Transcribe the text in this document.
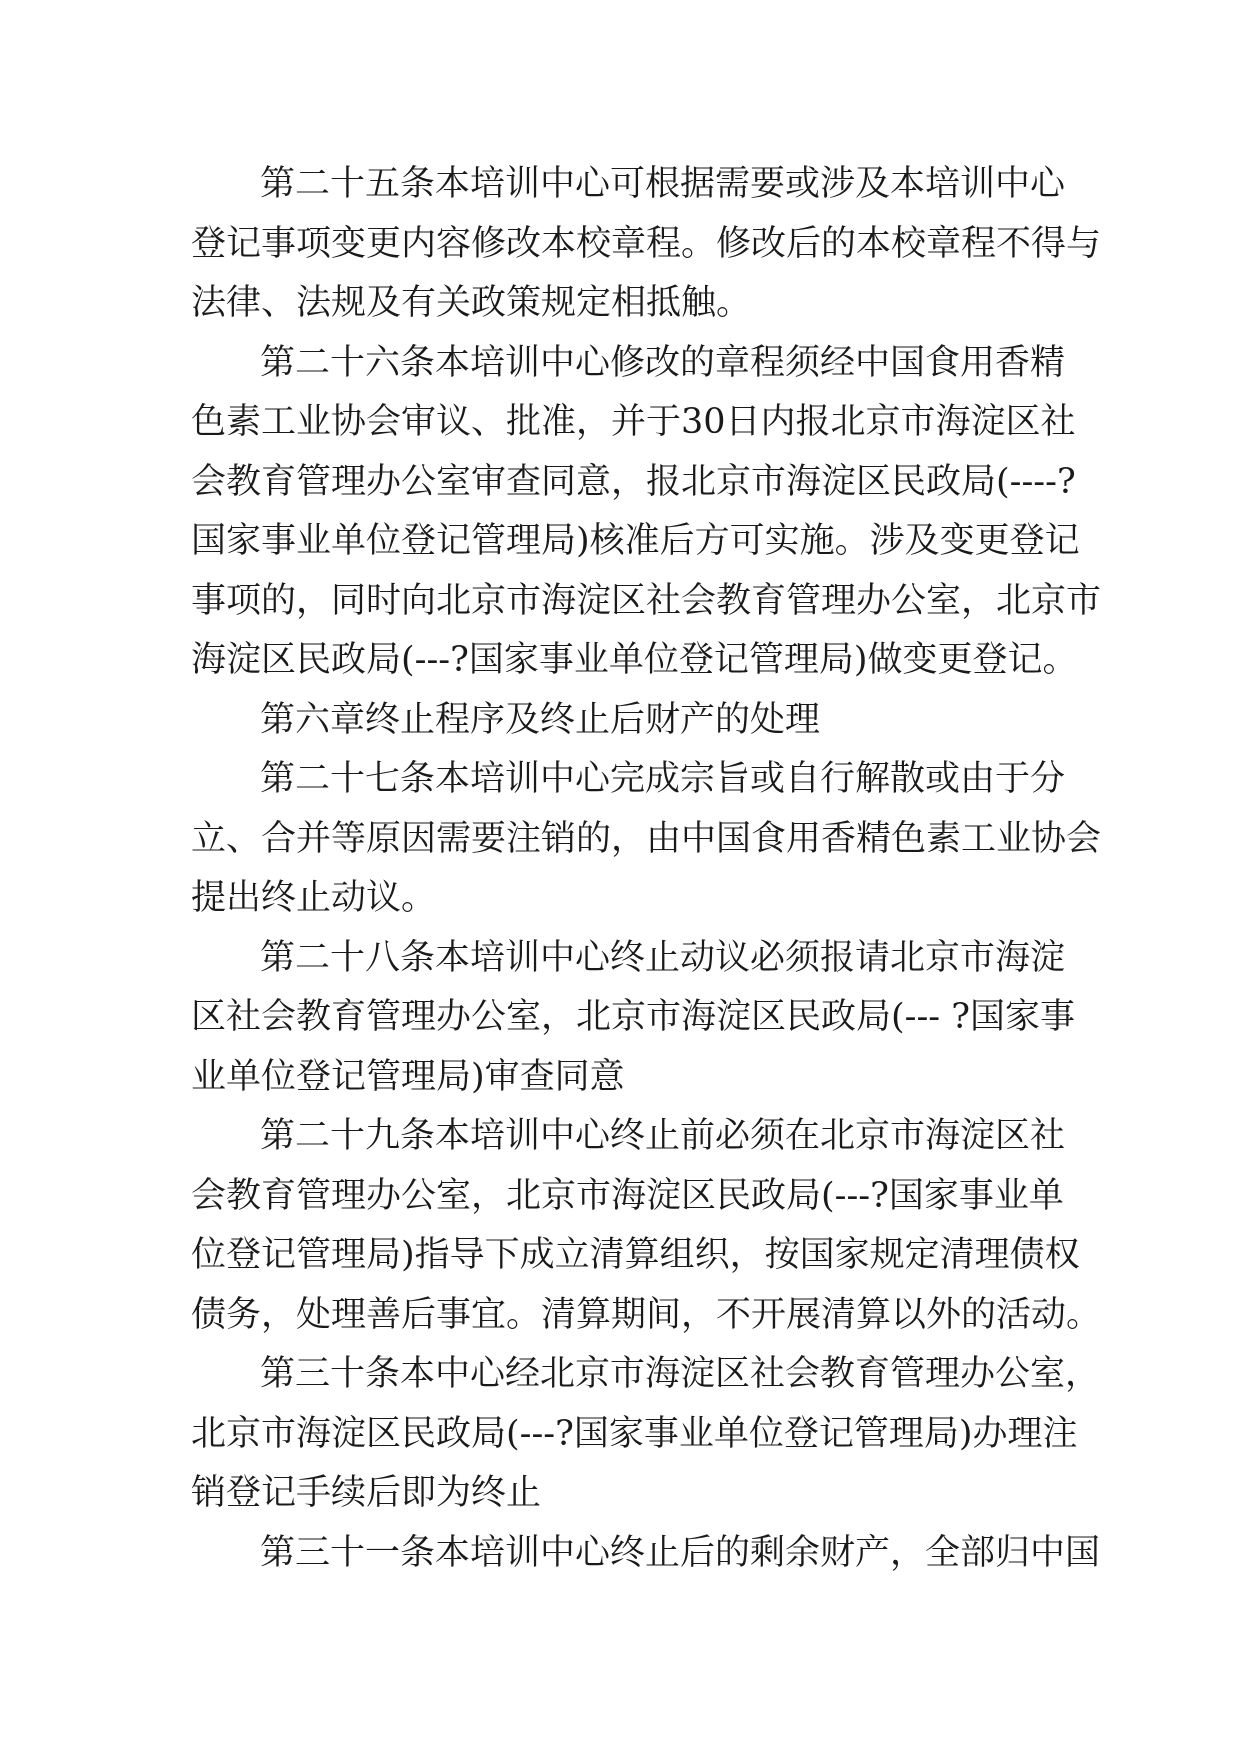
第二十五条本培训中心可根据需要或涉及本培训中心

登记事项变更内容修改本校章程。修改后的本校章程不得与

法律、法规及有关政策规定相抵触。

第二十六条本培训中心修改的章程须经中国食用香精

色素工业协会审议、批准，并于30日内报北京市海淀区社

会教育管理办公室审查同意，报北京市海淀区民政局(----?

国家事业单位登记管理局)核准后方可实施。涉及变更登记

事项的，同时向北京市海淀区社会教育管理办公室，北京市

海淀区民政局(---?国家事业单位登记管理局)做变更登记。

第六章终止程序及终止后财产的处理

第二十七条本培训中心完成宗旨或自行解散或由于分

立、合并等原因需要注销的，由中国食用香精色素工业协会

提出终止动议。

第二十八条本培训中心终止动议必须报请北京市海淀

区社会教育管理办公室，北京市海淀区民政局(--- ?国家事

业单位登记管理局)审查同意

第二十九条本培训中心终止前必须在北京市海淀区社

会教育管理办公室，北京市海淀区民政局(---?国家事业单

位登记管理局)指导下成立清算组织，按国家规定清理债权

债务，处理善后事宜。清算期间，不开展清算以外的活动。

第三十条本中心经北京市海淀区社会教育管理办公室，

北京市海淀区民政局(---?国家事业单位登记管理局)办理注

销登记手续后即为终止

第三十一条本培训中心终止后的剩余财产，全部归中国
